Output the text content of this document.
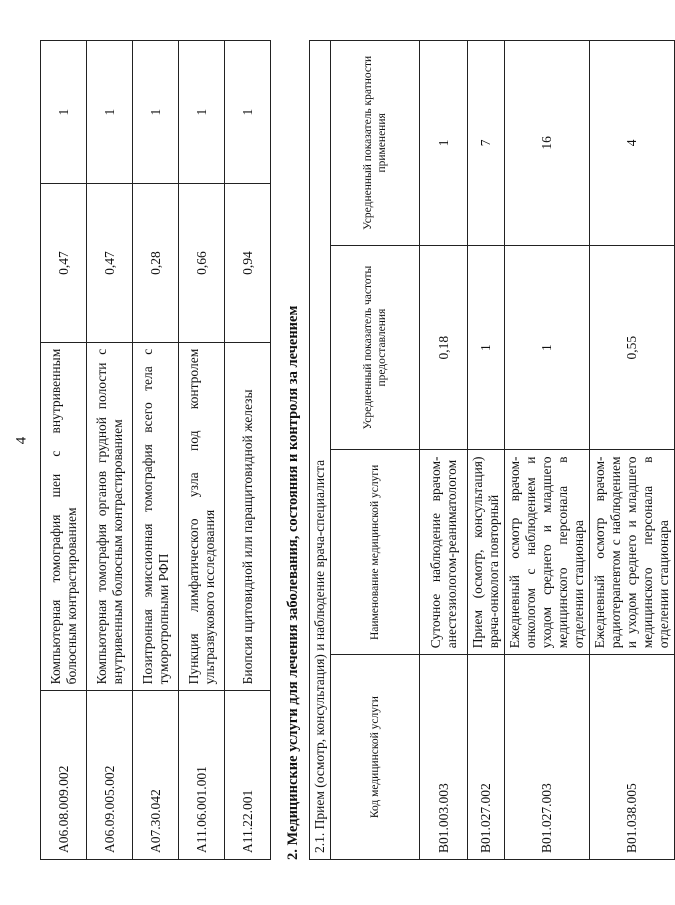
4
A06.08.009.002	Компьютерная томография шеи с внутривенным болюсным контрастированием	0,47	1
A06.09.005.002	Компьютерная томография органов грудной полости с внутривенным болюсным контрастированием	0,47	1
A07.30.042	Позитронная эмиссионная томография всего тела с туморотропными РФП	0,28	1
A11.06.001.001	Пункция лимфатического узла под контролем ультразвукового исследования	0,66	1
A11.22.001	Биопсия щитовидной или паращитовидной железы	0,94	1
2. Медицинские услуги для лечения заболевания, состояния и контроля за лечением 2.1. Прием (осмотр, консультация) и наблюдение врача-специалиста			
Код медицинской услуги	Наименование медицинской услуги	Усредненный показатель частоты предоставления	Усредненный показатель кратности применения
B01.003.003	Суточное наблюдение врачом-анестезиологом-реаниматологом	0,18	1
B01.027.002	Прием (осмотр, консультация) врача-онколога повторный	1	7
B01.027.003	Ежедневный осмотр врачом-онкологом с наблюдением и уходом среднего и младшего медицинского персонала в отделении стационара	1	16
B01.038.005	Ежедневный осмотр врачом-радиотерапевтом с наблюдением и уходом среднего и младшего медицинского персонала в отделении стационара	0,55	4
